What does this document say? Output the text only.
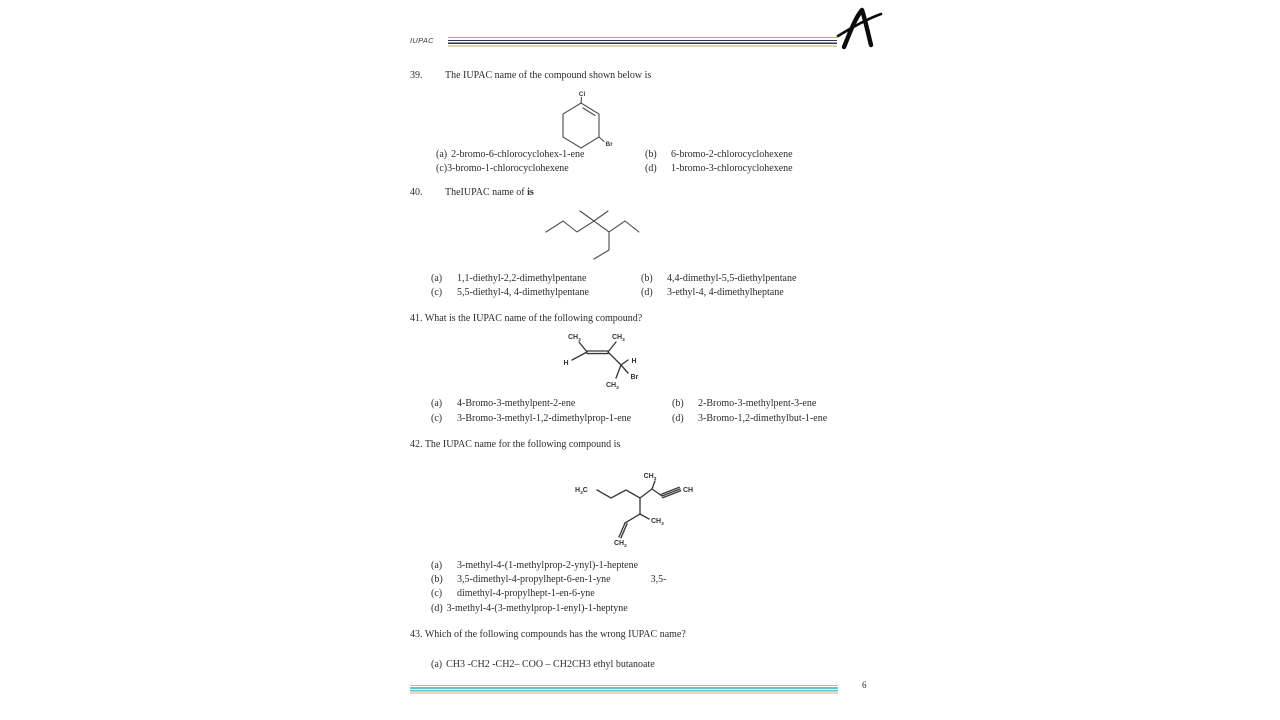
IUPAC
39. The IUPAC name of the compound shown below is
Cl
Br
(a) 2-bromo-6-chlorocyclohex-1-ene	(b) 6-bromo-2-chlorocyclohexene
(c)3-bromo-1-chlorocyclohexene	(d) 1-bromo-3-chlorocyclohexene
40. TheIUPAC name of is
(a) 1,1-diethyl-2,2-dimethylpentane	(b) 4,4-dimethyl-5,5-diethylpentane
(c) 5,5-diethyl-4, 4-dimethylpentane	(d) 3-ethyl-4, 4-dimethylheptane
41. What is the IUPAC name of the following compound?
$CH_3$	$CH_3$
H	H
Br
$CH_3$
(a) 4-Bromo-3-methylpent-2-ene	(b) 2-Bromo-3-methylpent-3-ene
(c) 3-Bromo-3-methyl-1,2-dimethylprop-1-ene	(d) 3-Bromo-1,2-dimethylbut-1-ene
42. The IUPAC name for the following compound is
$H_3C$
$CH_3$
CH
$CH_3$
$CH_2$
(a) 3-methyl-4-(1-methylprop-2-ynyl)-1-heptene
(b) 3,5-dimethyl-4-propylhept-6-en-1-yne	3,5-
(c) dimethyl-4-propylhept-1-en-6-yne
(d) 3-methyl-4-(3-methylprop-1-enyl)-1-heptyne
43. Which of the following compounds has the wrong IUPAC name?
(a) CH3 -CH2 -CH2– COO – CH2CH3 ethyl butanoate
6
